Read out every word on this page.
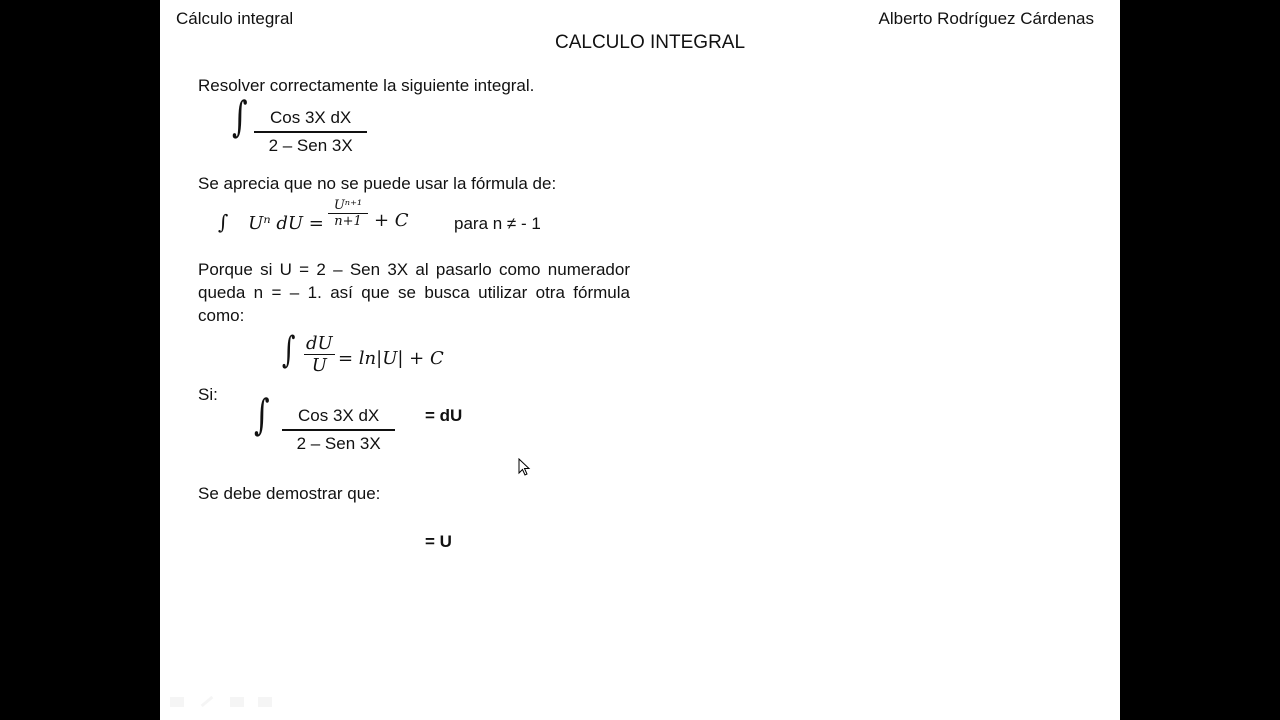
Cálculo integral	Alberto Rodríguez Cárdenas
CALCULO INTEGRAL
Resolver correctamente la siguiente integral.
∫	Cos 3X dX
2 – Sen 3X
Se aprecia que no se puede usar la fórmula de:
∫ Uⁿ dU =
Uⁿ⁺¹
n+1 + C	para n ≠ - 1
Porque si U = 2 – Sen 3X al pasarlo como numerador queda n = – 1. así que se busca utilizar otra fórmula como:
∫ dU
U = ln|U| + C
Si: ∫	Cos 3X dX
2 – Sen 3X
= dU
Se debe demostrar que:
= U
